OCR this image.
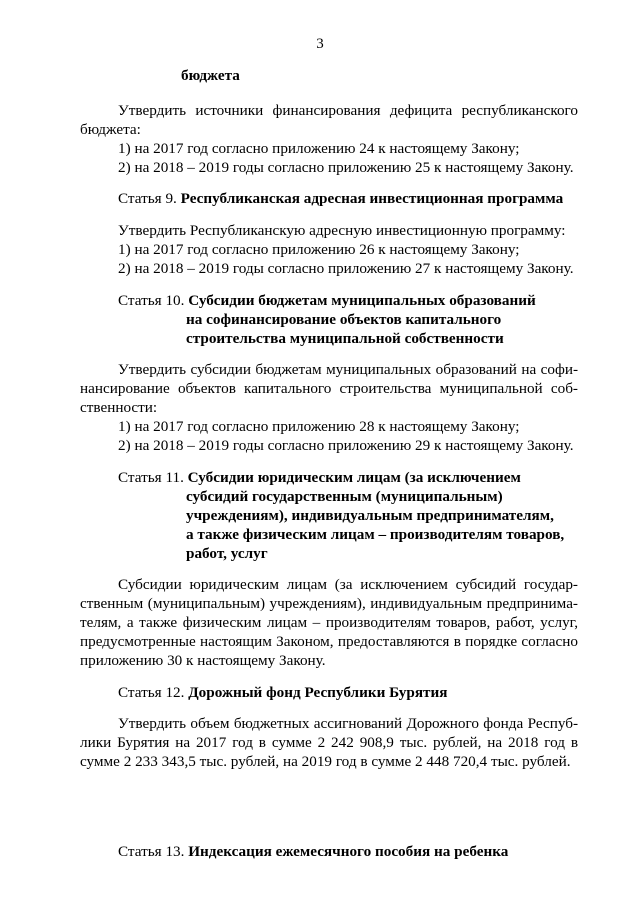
3
бюджета
Утвердить источники финансирования дефицита республиканского
бюджета:
1) на 2017 год согласно приложению 24 к настоящему Закону;
2) на 2018 – 2019 годы согласно приложению 25 к настоящему Закону.
Статья 9. Республиканская адресная инвестиционная программа
Утвердить Республиканскую адресную инвестиционную программу:
1) на 2017 год согласно приложению 26 к настоящему Закону;
2) на 2018 – 2019 годы согласно приложению 27 к настоящему Закону.
Статья 10. Субсидии бюджетам муниципальных образований
на софинансирование объектов капитального
строительства муниципальной собственности
Утвердить субсидии бюджетам муниципальных образований на софи-
нансирование объектов капитального строительства муниципальной соб-
ственности:
1) на 2017 год согласно приложению 28 к настоящему Закону;
2) на 2018 – 2019 годы согласно приложению 29 к настоящему Закону.
Статья 11. Субсидии юридическим лицам (за исключением
субсидий государственным (муниципальным)
учреждениям), индивидуальным предпринимателям,
а также физическим лицам – производителям товаров,
работ, услуг
Субсидии юридическим лицам (за исключением субсидий государ-
ственным (муниципальным) учреждениям), индивидуальным предпринима-
телям, а также физическим лицам – производителям товаров, работ, услуг,
предусмотренные настоящим Законом, предоставляются в порядке согласно
приложению 30 к настоящему Закону.
Статья 12. Дорожный фонд Республики Бурятия
Утвердить объем бюджетных ассигнований Дорожного фонда Респуб-
лики Бурятия на 2017 год в сумме 2 242 908,9 тыс. рублей, на 2018 год в
сумме 2 233 343,5 тыс. рублей, на 2019 год в сумме 2 448 720,4 тыс. рублей.
Статья 13. Индексация ежемесячного пособия на ребенка
